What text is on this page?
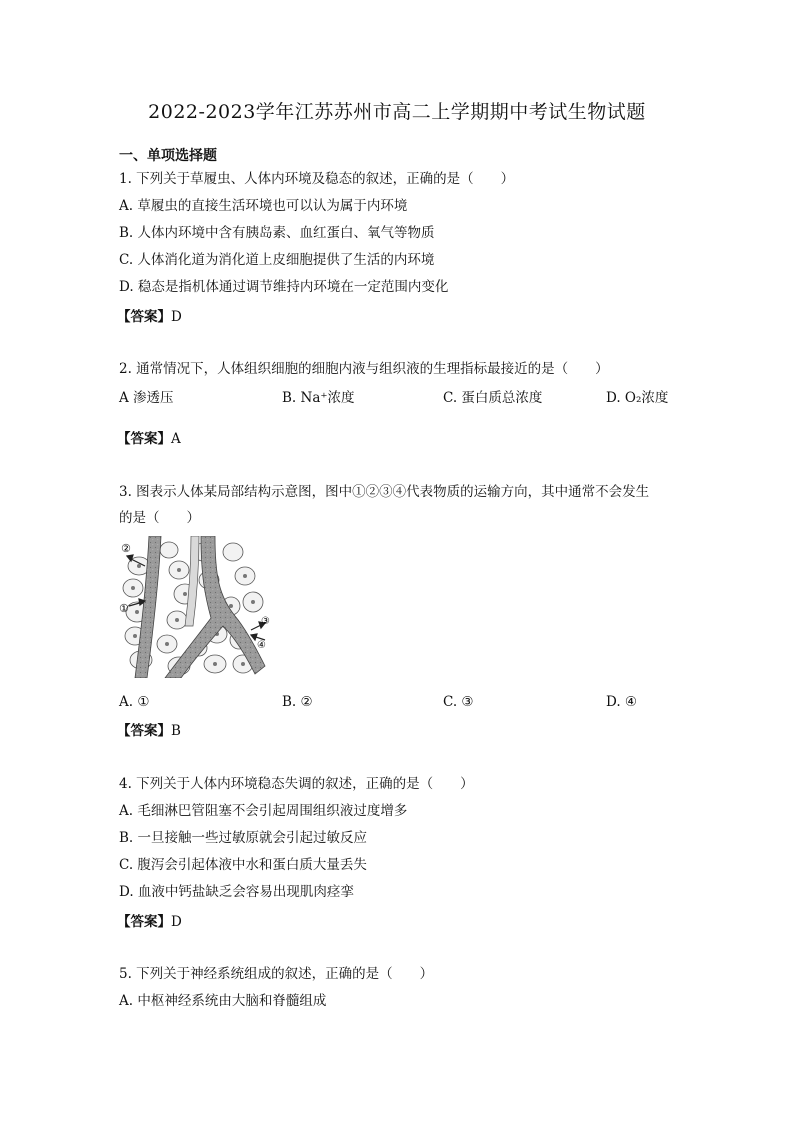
2022-2023学年江苏苏州市高二上学期期中考试生物试题
一、单项选择题
1. 下列关于草履虫、人体内环境及稳态的叙述，正确的是（　　）
A. 草履虫的直接生活环境也可以认为属于内环境
B. 人体内环境中含有胰岛素、血红蛋白、氧气等物质
C. 人体消化道为消化道上皮细胞提供了生活的内环境
D. 稳态是指机体通过调节维持内环境在一定范围内变化
【答案】D
2. 通常情况下，人体组织细胞的细胞内液与组织液的生理指标最接近的是（　　）
A 渗透压	B. Na⁺浓度	C. 蛋白质总浓度	D. O₂浓度
【答案】A
3. 图表示人体某局部结构示意图，图中①②③④代表物质的运输方向，其中通常不会发生
的是（　　）
②
①
③
④
A. ①	B. ②	C. ③	D. ④
【答案】B
4. 下列关于人体内环境稳态失调的叙述，正确的是（　　）
A. 毛细淋巴管阻塞不会引起周围组织液过度增多
B. 一旦接触一些过敏原就会引起过敏反应
C. 腹泻会引起体液中水和蛋白质大量丢失
D. 血液中钙盐缺乏会容易出现肌肉痉挛
【答案】D
5. 下列关于神经系统组成的叙述，正确的是（　　）
A. 中枢神经系统由大脑和脊髓组成
